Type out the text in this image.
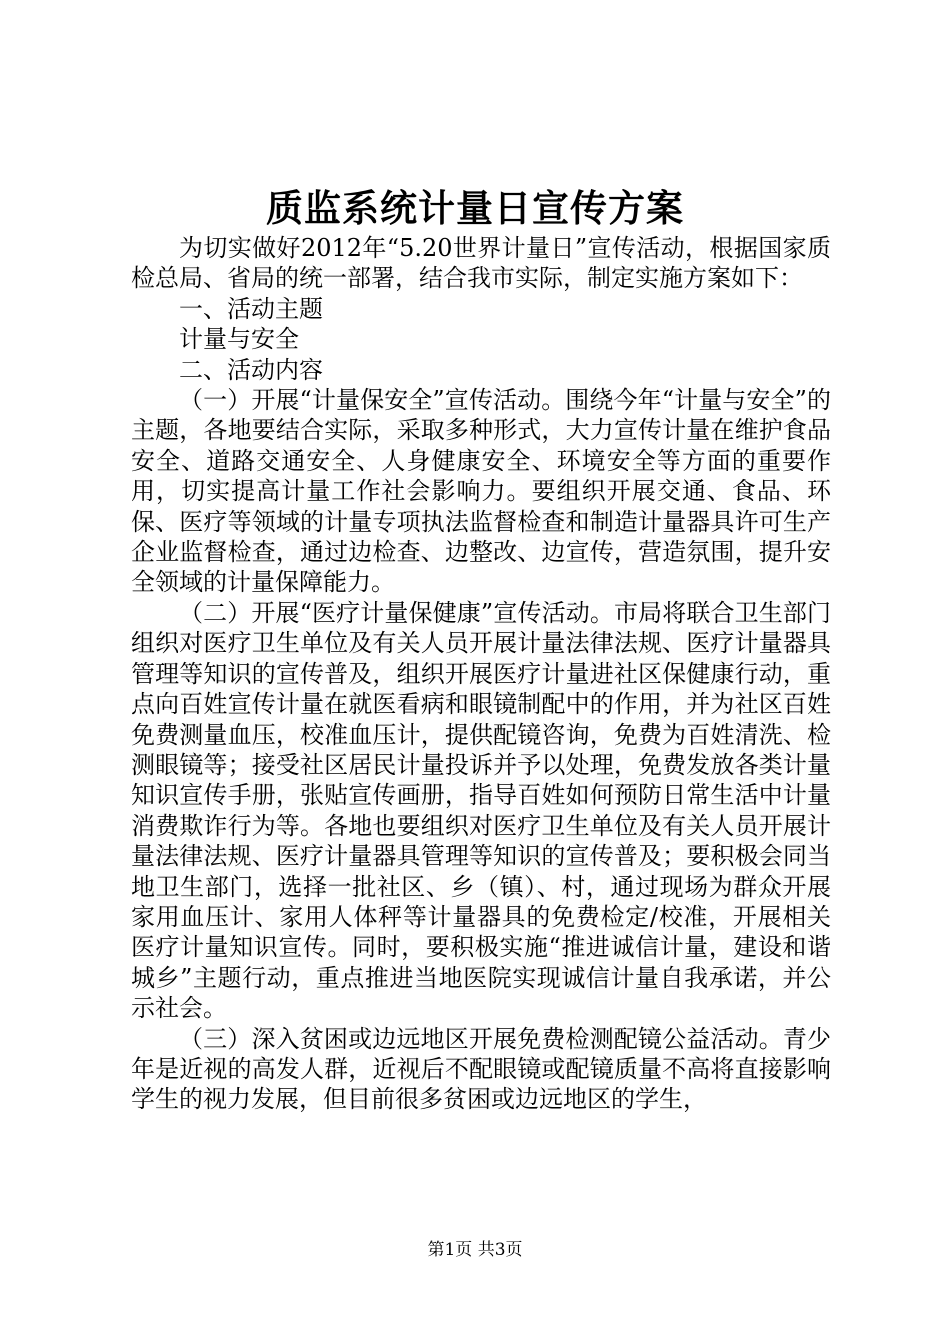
质监系统计量日宣传方案

为切实做好2012年“5.20世界计量日”宣传活动，根据国家质检总局、省局的统一部署，结合我市实际，制定实施方案如下：

一、活动主题

计量与安全

二、活动内容

（一）开展“计量保安全”宣传活动。围绕今年“计量与安全”的主题，各地要结合实际，采取多种形式，大力宣传计量在维护食品安全、道路交通安全、人身健康安全、环境安全等方面的重要作用，切实提高计量工作社会影响力。要组织开展交通、食品、环保、医疗等领域的计量专项执法监督检查和制造计量器具许可生产企业监督检查，通过边检查、边整改、边宣传，营造氛围，提升安全领域的计量保障能力。

（二）开展“医疗计量保健康”宣传活动。市局将联合卫生部门组织对医疗卫生单位及有关人员开展计量法律法规、医疗计量器具管理等知识的宣传普及，组织开展医疗计量进社区保健康行动，重点向百姓宣传计量在就医看病和眼镜制配中的作用，并为社区百姓免费测量血压，校准血压计，提供配镜咨询，免费为百姓清洗、检测眼镜等；接受社区居民计量投诉并予以处理，免费发放各类计量知识宣传手册，张贴宣传画册，指导百姓如何预防日常生活中计量消费欺诈行为等。各地也要组织对医疗卫生单位及有关人员开展计量法律法规、医疗计量器具管理等知识的宣传普及；要积极会同当地卫生部门，选择一批社区、乡（镇）、村，通过现场为群众开展家用血压计、家用人体秤等计量器具的免费检定/校准，开展相关医疗计量知识宣传。同时，要积极实施“推进诚信计量，建设和谐城乡”主题行动，重点推进当地医院实现诚信计量自我承诺，并公示社会。

（三）深入贫困或边远地区开展免费检测配镜公益活动。青少年是近视的高发人群，近视后不配眼镜或配镜质量不高将直接影响学生的视力发展，但目前很多贫困或边远地区的学生，

第1页 共3页
